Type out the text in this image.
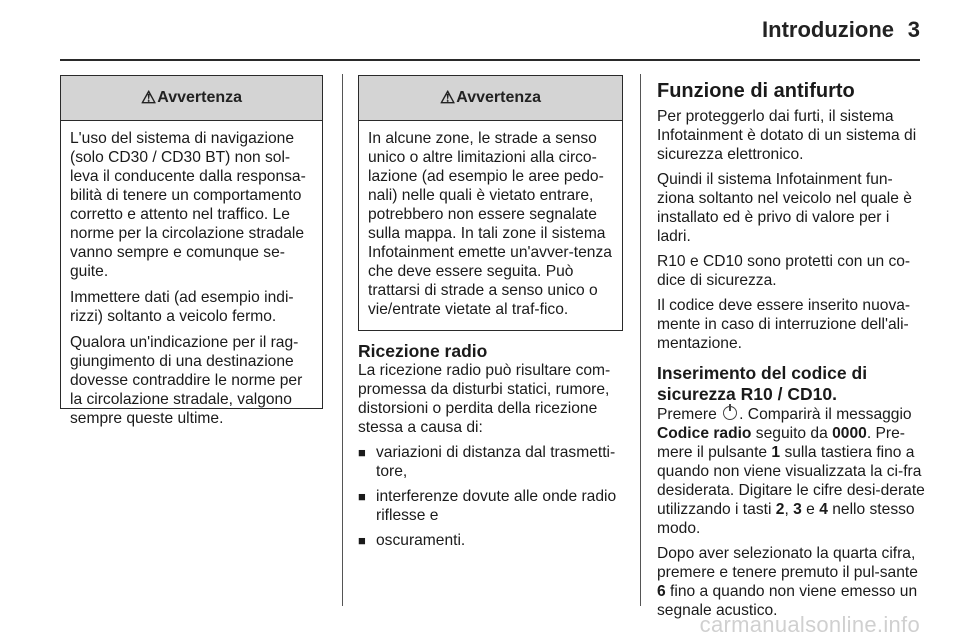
Introduzione 3
⚠ Avvertenza

L'uso del sistema di navigazione (solo CD30 / CD30 BT) non sol-leva il conducente dalla responsa-bilità di tenere un comportamento corretto e attento nel traffico. Le norme per la circolazione stradale vanno sempre e comunque se-guite.

Immettere dati (ad esempio indi-rizzi) soltanto a veicolo fermo.

Qualora un'indicazione per il rag-giungimento di una destinazione dovesse contraddire le norme per la circolazione stradale, valgono sempre queste ultime.

⚠ Avvertenza

In alcune zone, le strade a senso unico o altre limitazioni alla circo-lazione (ad esempio le aree pedo-nali) nelle quali è vietato entrare, potrebbero non essere segnalate sulla mappa. In tali zone il sistema Infotainment emette un'avver-tenza che deve essere seguita. Può trattarsi di strade a senso unico o vie/entrate vietate al traf-fico.

Ricezione radio

La ricezione radio può risultare com-promessa da disturbi statici, rumore, distorsioni o perdita della ricezione stessa a causa di:

■ variazioni di distanza dal trasmetti-tore,
■ interferenze dovute alle onde radio riflesse e
■ oscuramenti.
Funzione di antifurto

Per proteggerlo dai furti, il sistema Infotainment è dotato di un sistema di sicurezza elettronico.

Quindi il sistema Infotainment fun-ziona soltanto nel veicolo nel quale è installato ed è privo di valore per i ladri.

R10 e CD10 sono protetti con un co-dice di sicurezza.

Il codice deve essere inserito nuova-mente in caso di interruzione dell'ali-mentazione.

Inserimento del codice di sicurezza R10 / CD10.

Premere . Comparirà il messaggio Codice radio seguito da 0000. Pre-mere il pulsante 1 sulla tastiera fino a quando non viene visualizzata la ci-fra desiderata. Digitare le cifre desi-derate utilizzando i tasti 2, 3 e 4 nello stesso modo.

Dopo aver selezionato la quarta cifra, premere e tenere premuto il pul-sante 6 fino a quando non viene emesso un segnale acustico.

carmanualsonline.info
